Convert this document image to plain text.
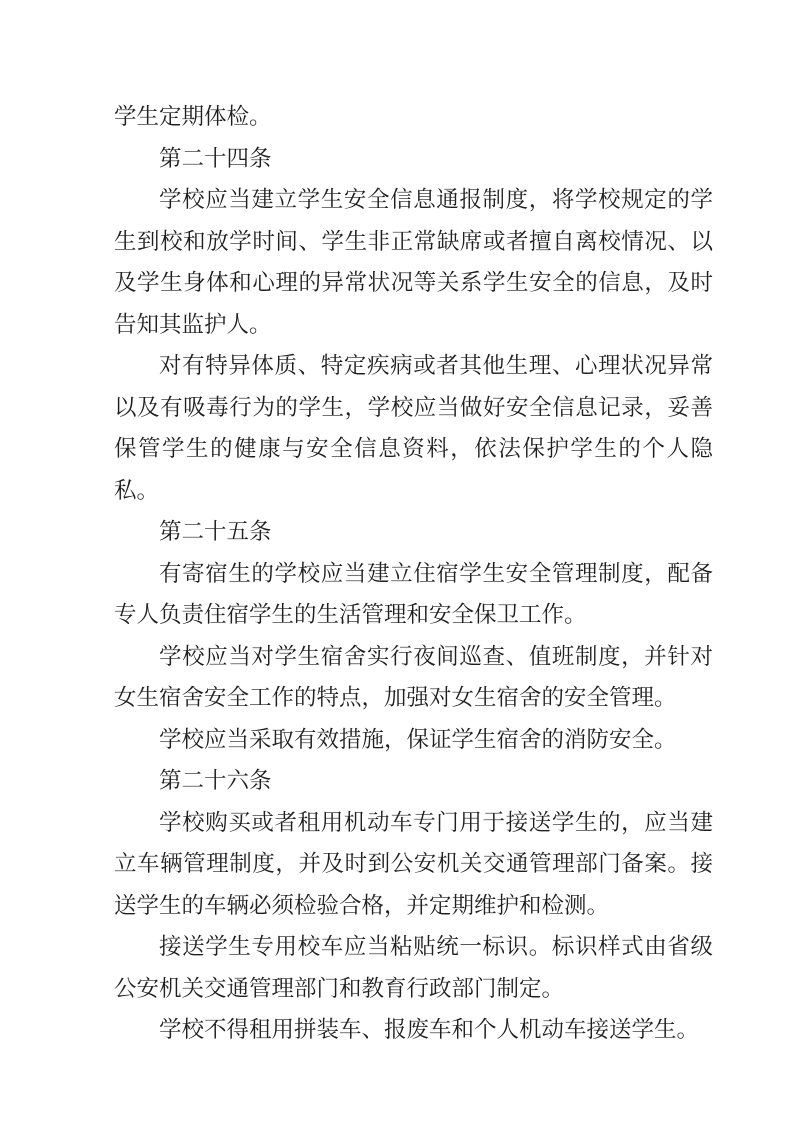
学生定期体检。

第二十四条

学校应当建立学生安全信息通报制度，将学校规定的学生到校和放学时间、学生非正常缺席或者擅自离校情况、以及学生身体和心理的异常状况等关系学生安全的信息，及时告知其监护人。

对有特异体质、特定疾病或者其他生理、心理状况异常以及有吸毒行为的学生，学校应当做好安全信息记录，妥善保管学生的健康与安全信息资料，依法保护学生的个人隐私。

第二十五条

有寄宿生的学校应当建立住宿学生安全管理制度，配备专人负责住宿学生的生活管理和安全保卫工作。

学校应当对学生宿舍实行夜间巡查、值班制度，并针对女生宿舍安全工作的特点，加强对女生宿舍的安全管理。

学校应当采取有效措施，保证学生宿舍的消防安全。

第二十六条

学校购买或者租用机动车专门用于接送学生的，应当建立车辆管理制度，并及时到公安机关交通管理部门备案。接送学生的车辆必须检验合格，并定期维护和检测。

接送学生专用校车应当粘贴统一标识。标识样式由省级公安机关交通管理部门和教育行政部门制定。

学校不得租用拼装车、报废车和个人机动车接送学生。
